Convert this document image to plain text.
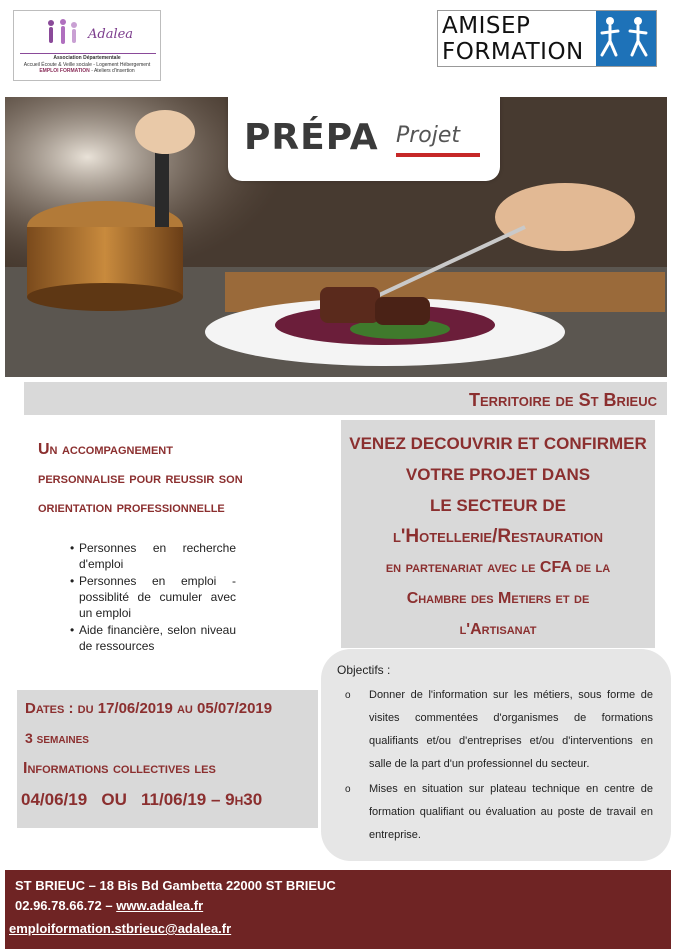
Adalea
Association Départementale
Accueil Écoute & Veille sociale - Logement Hébergement
EMPLOI FORMATION - Ateliers d'insertion
AMISEP
FORMATION
PRÉPA Projet
Territoire de St Brieuc
Un accompagnement
personnalise pour reussir son
orientation professionnelle
• Personnes en recherche d'emploi
• Personnes en emploi - possiblité de cumuler avec un emploi
• Aide financière, selon niveau de ressources
VENEZ DECOUVRIR ET CONFIRMER
VOTRE PROJET DANS
LE SECTEUR DE
l'Hotellerie/Restauration
en partenariat avec le CFA de la
Chambre des Metiers et de
l'Artisanat
Dates : du 17/06/2019 au 05/07/2019
3 semaines
Informations collectives les
04/06/19   OU   11/06/19 – 9h30
Objectifs :
o Donner de l'information sur les métiers, sous forme de visites commentées d'organismes de formations qualifiants et/ou d'entreprises et/ou d'interventions en salle de la part d'un professionnel du secteur.
o Mises en situation sur plateau technique en centre de formation qualifiant ou évaluation au poste de travail en entreprise.
ST BRIEUC – 18 Bis Bd Gambetta 22000 ST BRIEUC
02.96.78.66.72 – www.adalea.fr
emploiformation.stbrieuc@adalea.fr
